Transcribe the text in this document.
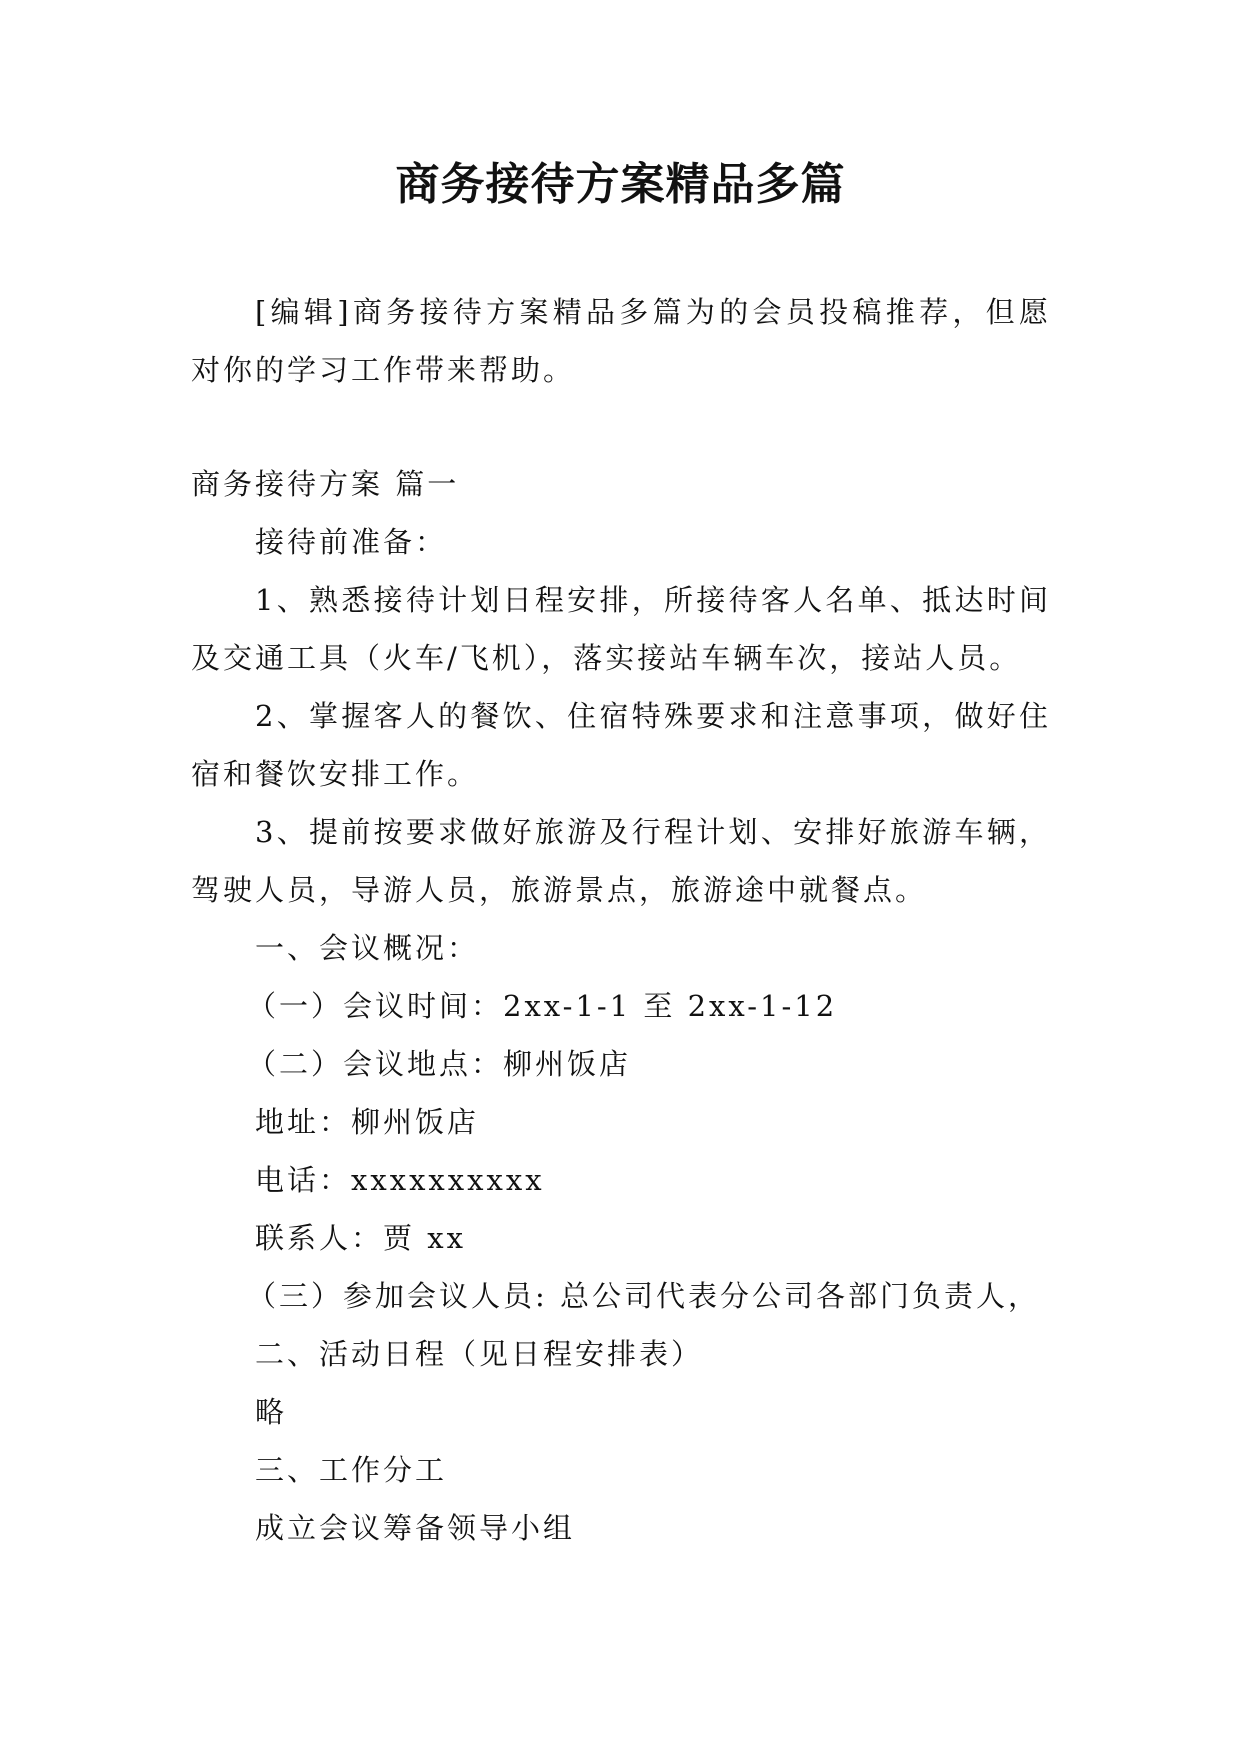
商务接待方案精品多篇

[编辑]商务接待方案精品多篇为的会员投稿推荐，但愿对你的学习工作带来帮助。

商务接待方案 篇一

接待前准备：

1、熟悉接待计划日程安排，所接待客人名单、抵达时间及交通工具（火车/飞机），落实接站车辆车次，接站人员。

2、掌握客人的餐饮、住宿特殊要求和注意事项，做好住宿和餐饮安排工作。

3、提前按要求做好旅游及行程计划、安排好旅游车辆，驾驶人员，导游人员，旅游景点，旅游途中就餐点。

一、会议概况：

（一）会议时间：2xx-1-1 至 2xx-1-12

（二）会议地点：柳州饭店

地址：柳州饭店

电话：xxxxxxxxxx

联系人：贾 xx

（三）参加会议人员: 总公司代表分公司各部门负责人，

二、活动日程（见日程安排表）

略

三、工作分工

成立会议筹备领导小组
